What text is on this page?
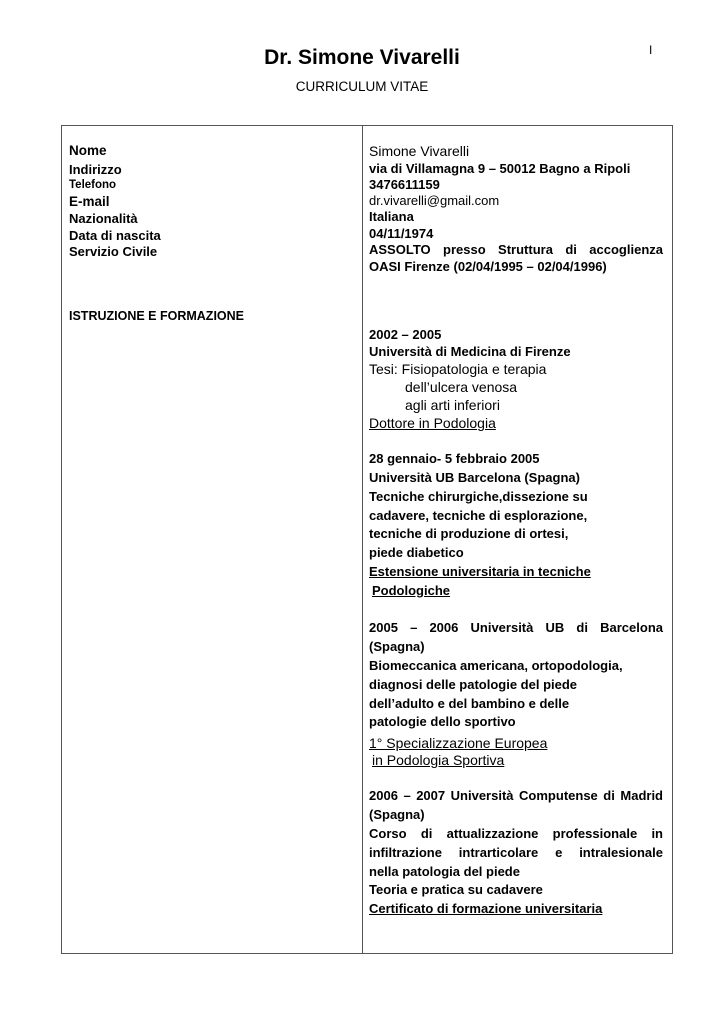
I
Dr. Simone Vivarelli
CURRICULUM VITAE
Nome
Indirizzo
Telefono
E-mail
Nazionalità
Data di nascita
Servizio Civile
ISTRUZIONE E FORMAZIONE
Simone Vivarelli
via di Villamagna 9 – 50012 Bagno a Ripoli
3476611159
dr.vivarelli@gmail.com
Italiana
04/11/1974
ASSOLTO presso Struttura di accoglienza
OASI Firenze (02/04/1995 – 02/04/1996)
2002 – 2005
Università di Medicina di Firenze
Tesi: Fisiopatologia e terapia
dell’ulcera venosa
agli arti inferiori
Dottore in Podologia
28 gennaio- 5 febbraio 2005
Università UB Barcelona (Spagna)
Tecniche chirurgiche,dissezione su
cadavere, tecniche di esplorazione,
tecniche di produzione di ortesi,
piede diabetico
Estensione universitaria in tecniche
Podologiche
2005 – 2006 Università UB di Barcelona
(Spagna)
Biomeccanica americana, ortopodologia,
diagnosi delle patologie del piede
dell’adulto e del bambino e delle
patologie dello sportivo
1° Specializzazione Europea
in Podologia Sportiva
2006 – 2007 Università Computense di Madrid
(Spagna)
Corso di attualizzazione professionale in
infiltrazione intrarticolare e intralesionale
nella patologia del piede
Teoria e pratica su cadavere
Certificato di formazione universitaria
